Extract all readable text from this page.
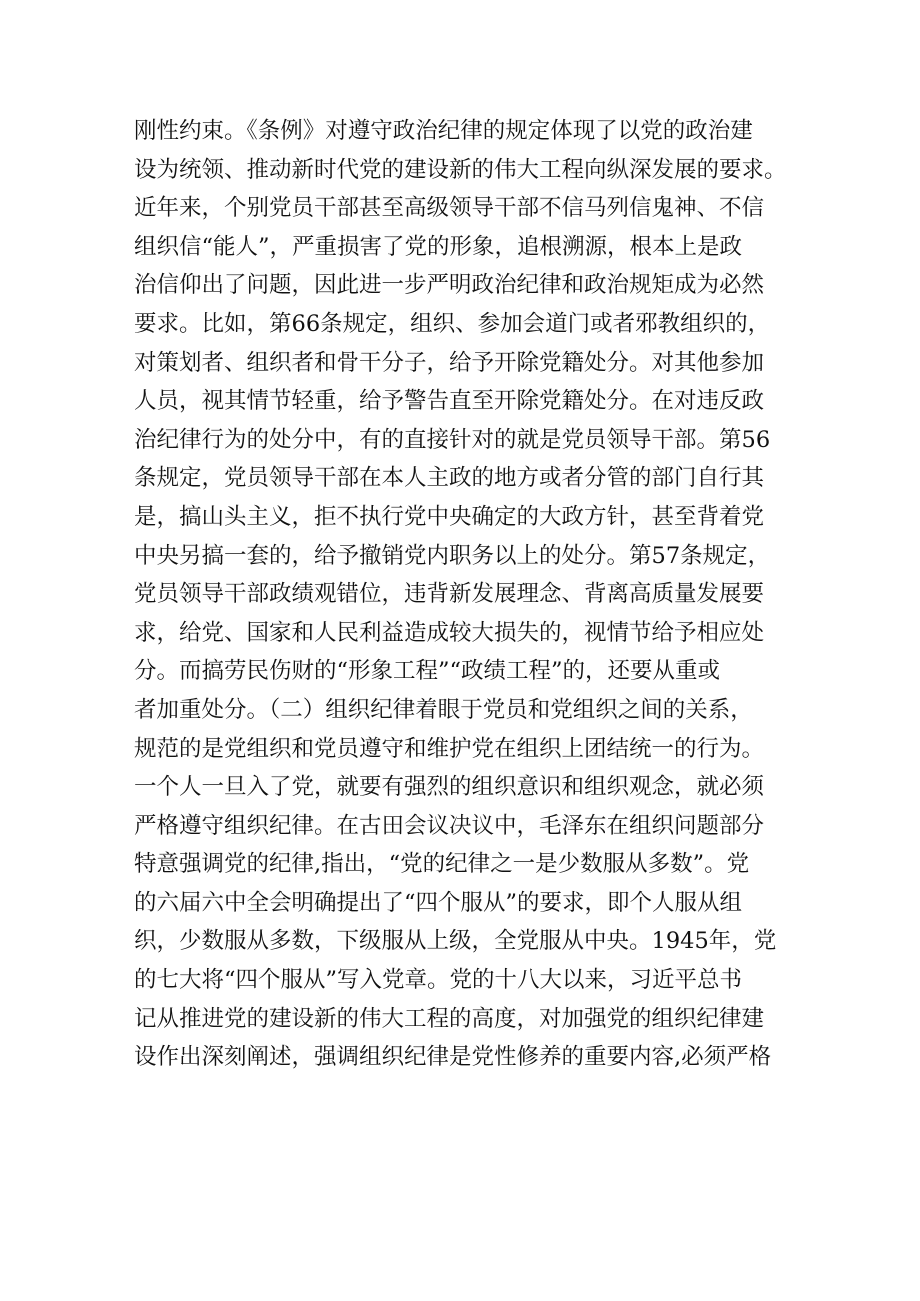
刚性约束。《条例》对遵守政治纪律的规定体现了以党的政治建
设为统领、推动新时代党的建设新的伟大工程向纵深发展的要求。
近年来，个别党员干部甚至高级领导干部不信马列信鬼神、不信
组织信“能人”，严重损害了党的形象，追根溯源，根本上是政
治信仰出了问题，因此进一步严明政治纪律和政治规矩成为必然
要求。比如，第66条规定，组织、参加会道门或者邪教组织的，
对策划者、组织者和骨干分子，给予开除党籍处分。对其他参加
人员，视其情节轻重，给予警告直至开除党籍处分。在对违反政
治纪律行为的处分中，有的直接针对的就是党员领导干部。第56
条规定，党员领导干部在本人主政的地方或者分管的部门自行其
是，搞山头主义，拒不执行党中央确定的大政方针，甚至背着党
中央另搞一套的，给予撤销党内职务以上的处分。第57条规定，
党员领导干部政绩观错位，违背新发展理念、背离高质量发展要
求，给党、国家和人民利益造成较大损失的，视情节给予相应处
分。而搞劳民伤财的“形象工程”“政绩工程”的，还要从重或
者加重处分。（二）组织纪律着眼于党员和党组织之间的关系，
规范的是党组织和党员遵守和维护党在组织上团结统一的行为。
一个人一旦入了党，就要有强烈的组织意识和组织观念，就必须
严格遵守组织纪律。在古田会议决议中，毛泽东在组织问题部分
特意强调党的纪律,指出，“党的纪律之一是少数服从多数”。党
的六届六中全会明确提出了“四个服从”的要求，即个人服从组
织，少数服从多数，下级服从上级，全党服从中央。1945年，党
的七大将“四个服从”写入党章。党的十八大以来，习近平总书
记从推进党的建设新的伟大工程的高度，对加强党的组织纪律建
设作出深刻阐述，强调组织纪律是党性修养的重要内容,必须严格
